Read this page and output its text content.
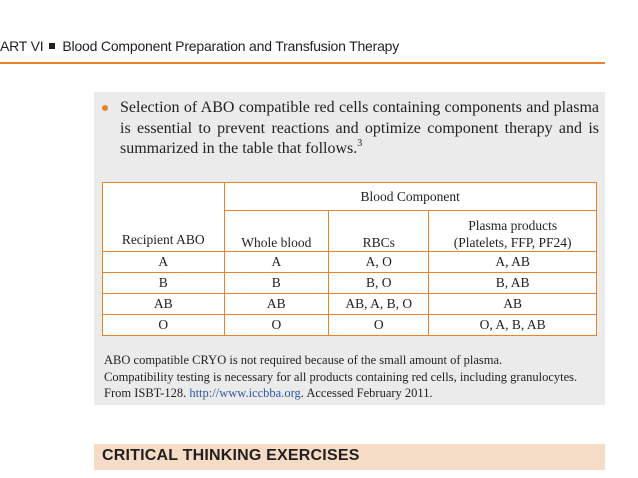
ART VI Blood Component Preparation and Transfusion Therapy
Selection of ABO compatible red cells containing components and plasma is essential to prevent reactions and optimize component therapy and is summarized in the table that follows.$^3$
Recipient ABO	Blood Component		
	Whole blood	RBCs	Plasma products
(Platelets, FFP, PF24)
A	A	A, O	A, AB
B	B	B, O	B, AB
AB	AB	AB, A, B, O	AB
O	O	O	O, A, B, AB
ABO compatible CRYO is not required because of the small amount of plasma.
Compatibility testing is necessary for all products containing red cells, including granulocytes.
From ISBT-128. http://www.iccbba.org. Accessed February 2011.
CRITICAL THINKING EXERCISES
